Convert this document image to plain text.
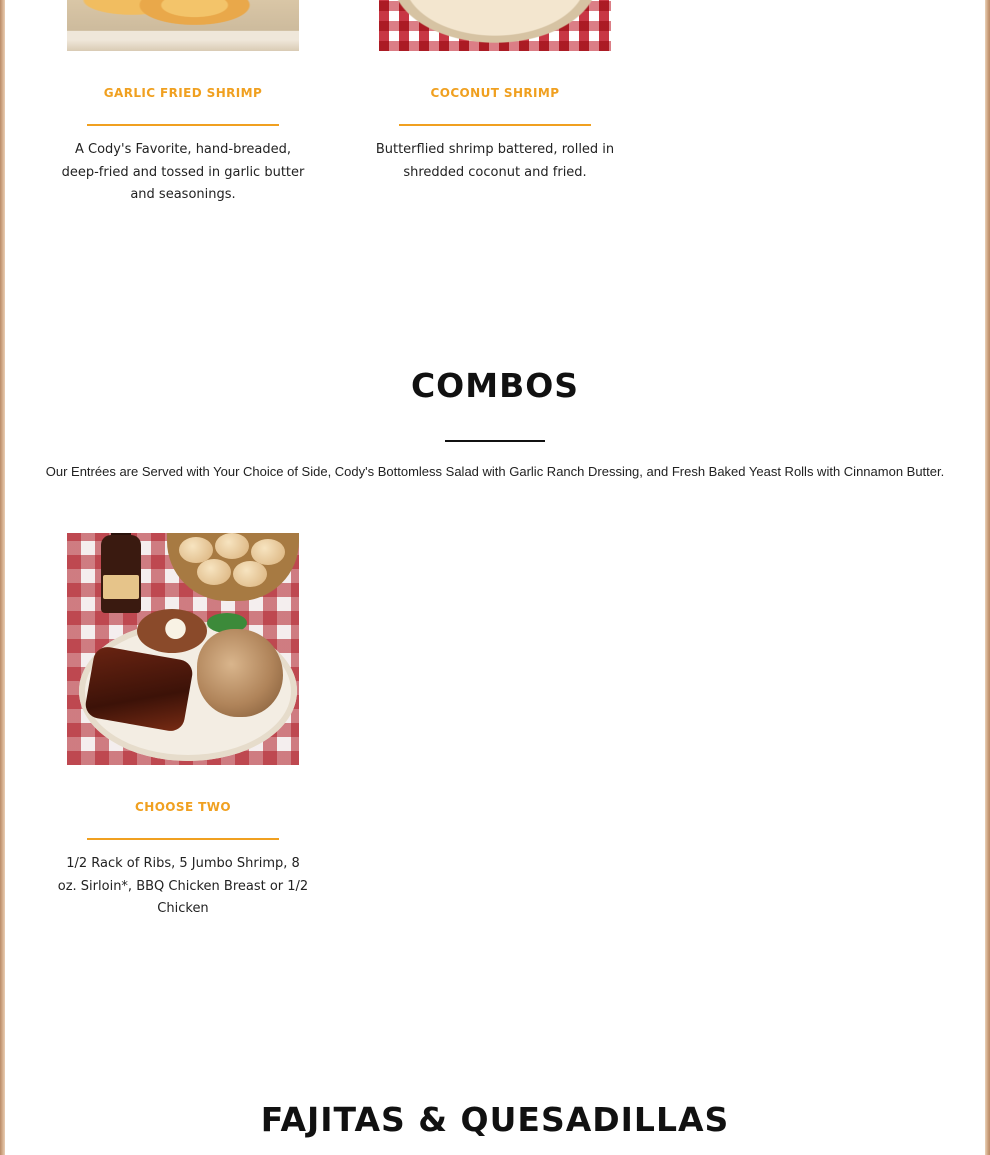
GARLIC FRIED SHRIMP
A Cody's Favorite, hand-breaded, deep-fried and tossed in garlic butter and seasonings.
COCONUT SHRIMP
Butterflied shrimp battered, rolled in shredded coconut and fried.
COMBOS
Our Entrées are Served with Your Choice of Side, Cody's Bottomless Salad with Garlic Ranch Dressing, and Fresh Baked Yeast Rolls with Cinnamon Butter.
CHOOSE TWO
1/2 Rack of Ribs, 5 Jumbo Shrimp, 8 oz. Sirloin*, BBQ Chicken Breast or 1/2 Chicken
FAJITAS & QUESADILLAS
